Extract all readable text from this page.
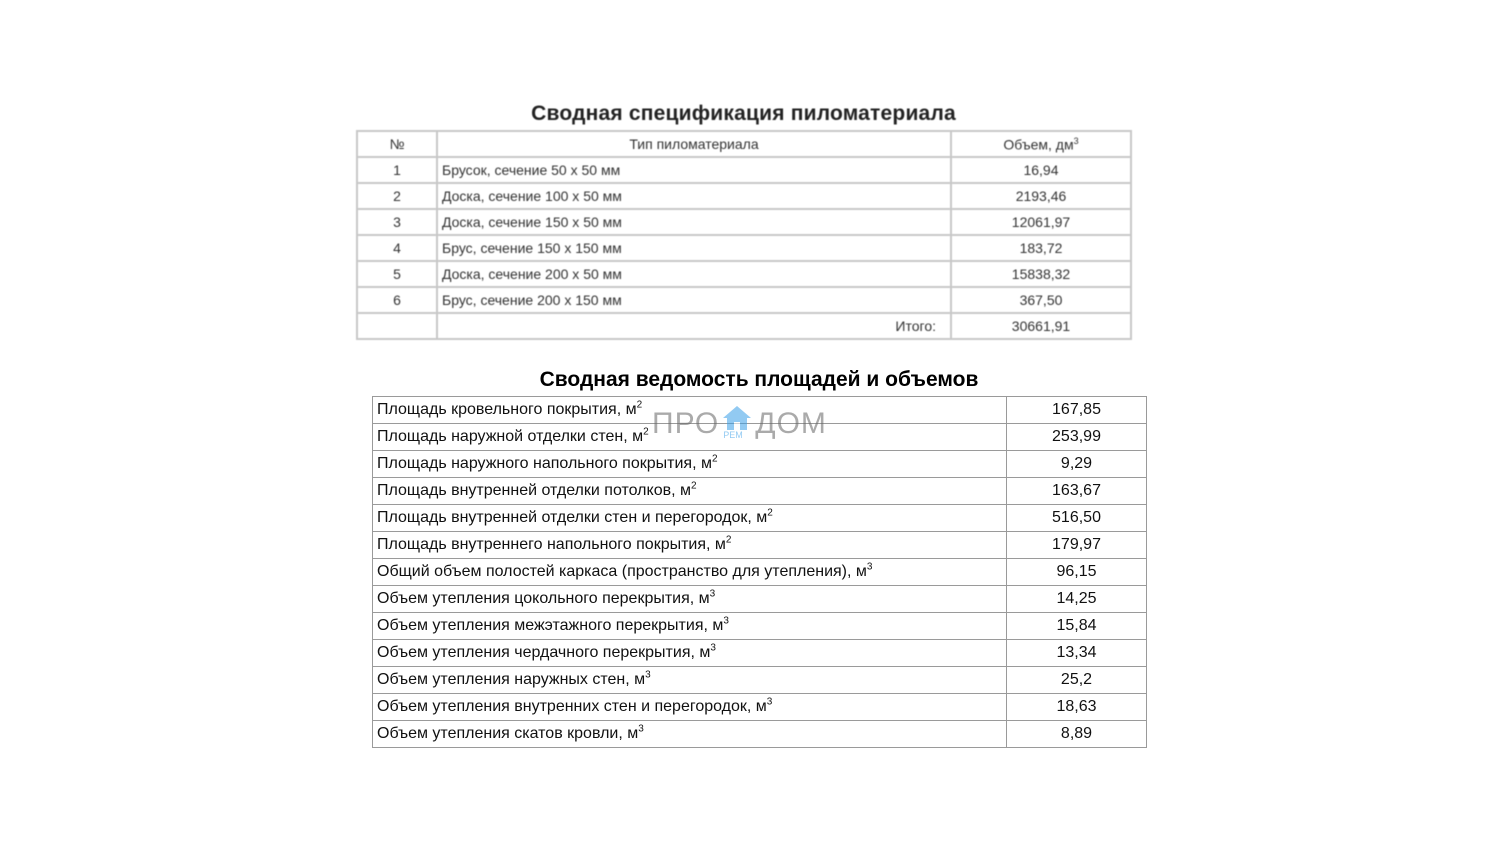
Сводная спецификация пиломатериала
№	Тип пиломатериала	Объем, $дм^3$
1	Брусок, сечение 50 х 50 мм	16,94
2	Доска, сечение 100 х 50 мм	2193,46
3	Доска, сечение 150 х 50 мм	12061,97
4	Брус, сечение 150 х 150 мм	183,72
5	Доска, сечение 200 х 50 мм	15838,32
6	Брус, сечение 200 х 150 мм	367,50
	Итого:	30661,91
Сводная ведомость площадей и объемов
Площадь кровельного покрытия, $м^2$	167,85
Площадь наружной отделки стен, $м^2$	253,99
Площадь наружного напольного покрытия, $м^2$	9,29
Площадь внутренней отделки потолков, $м^2$	163,67
Площадь внутренней отделки стен и перегородок, $м^2$	516,50
Площадь внутреннего напольного покрытия, $м^2$	179,97
Общий объем полостей каркаса (пространство для утепления), $м^3$	96,15
Объем утепления цокольного перекрытия, $м^3$	14,25
Объем утепления межэтажного перекрытия, $м^3$	15,84
Объем утепления чердачного перекрытия, $м^3$	13,34
Объем утепления наружных стен, $м^3$	25,2
Объем утепления внутренних стен и перегородок, $м^3$	18,63
Объем утепления скатов кровли, $м^3$	8,89
ПРО РЕМ ДОМ
